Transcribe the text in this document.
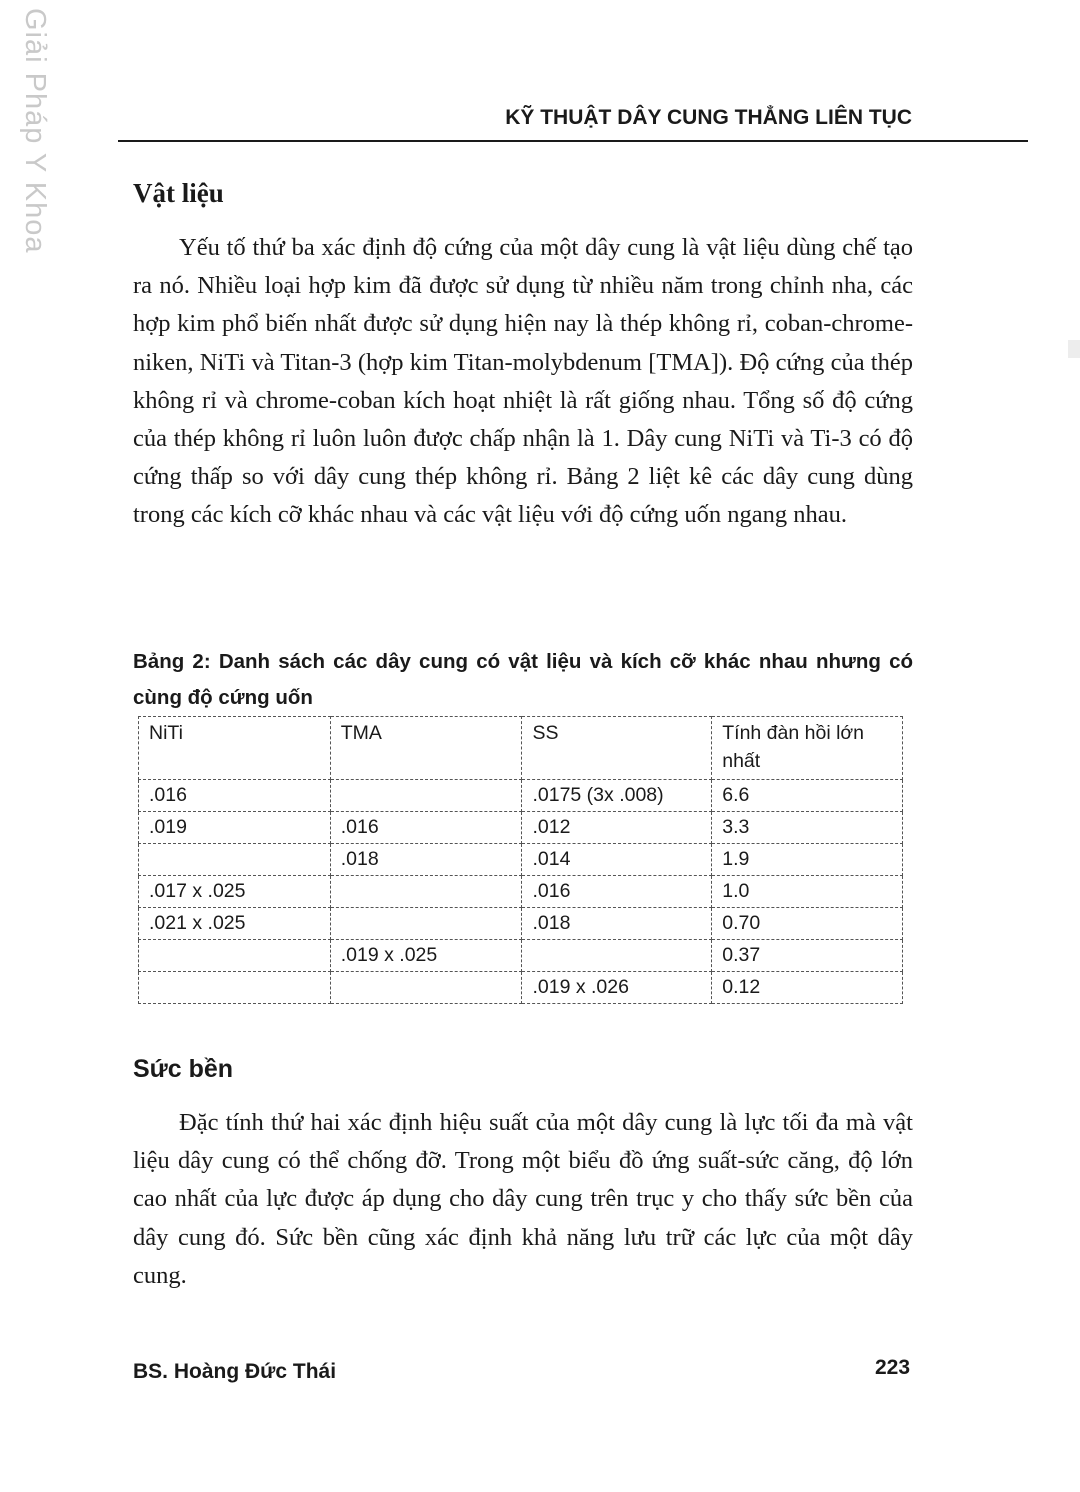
Giải Pháp Y Khoa	KỸ THUẬT DÂY CUNG THẲNG LIÊN TỤC
Vật liệu

Yếu tố thứ ba xác định độ cứng của một dây cung là vật liệu dùng chế tạo ra nó. Nhiều loại hợp kim đã được sử dụng từ nhiều năm trong chỉnh nha, các hợp kim phổ biến nhất được sử dụng hiện nay là thép không rỉ, coban-chrome-niken, NiTi và Titan-3 (hợp kim Titan-molybdenum [TMA]). Độ cứng của thép không rỉ và chrome-coban kích hoạt nhiệt là rất giống nhau. Tổng số độ cứng của thép không rỉ luôn luôn được chấp nhận là 1. Dây cung NiTi và Ti-3 có độ cứng thấp so với dây cung thép không rỉ. Bảng 2 liệt kê các dây cung dùng trong các kích cỡ khác nhau và các vật liệu với độ cứng uốn ngang nhau.

Bảng 2: Danh sách các dây cung có vật liệu và kích cỡ khác nhau nhưng có cùng độ cứng uốn

NiTi	TMA	SS	Tính đàn hồi lớn nhất
.016		.0175 (3x .008)	6.6
.019	.016	.012	3.3
	.018	.014	1.9
.017 x .025		.016	1.0
.021 x .025		.018	0.70
	.019 x .025		0.37
		.019 x .026	0.12
Sức bền

Đặc tính thứ hai xác định hiệu suất của một dây cung là lực tối đa mà vật liệu dây cung có thể chống đỡ. Trong một biểu đồ ứng suất-sức căng, độ lớn cao nhất của lực được áp dụng cho dây cung trên trục y cho thấy sức bền của dây cung đó. Sức bền cũng xác định khả năng lưu trữ các lực của một dây cung.

BS. Hoàng Đức Thái	223
